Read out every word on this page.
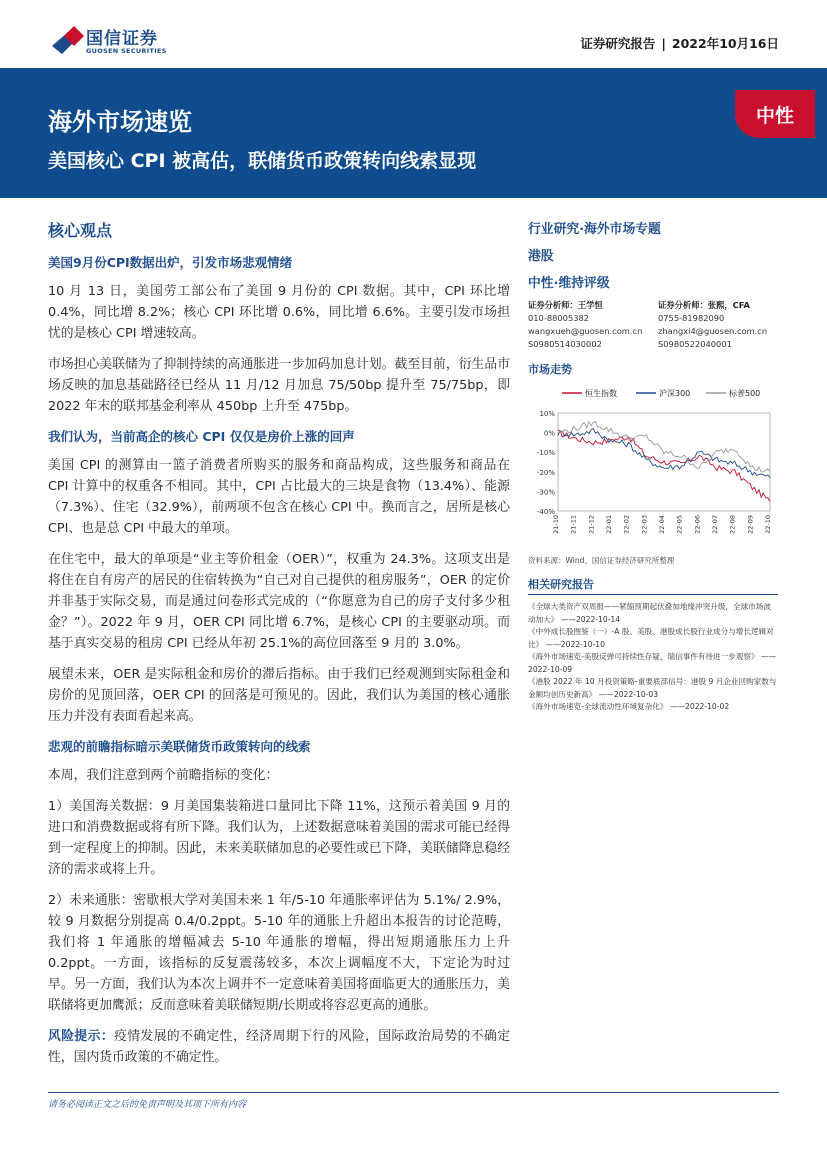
国信证券
GUOSEN SECURITIES	证券研究报告 | 2022年10月16日
海外市场速览
美国核心 CPI 被高估，联储货币政策转向线索显现
中性
核心观点
美国9月份CPI数据出炉，引发市场悲观情绪

10 月 13 日，美国劳工部公布了美国 9 月份的 CPI 数据。其中，CPI 环比增 0.4%，同比增 8.2%；核心 CPI 环比增 0.6%，同比增 6.6%。主要引发市场担忧的是核心 CPI 增速较高。

市场担心美联储为了抑制持续的高通胀进一步加码加息计划。截至目前，衍生品市场反映的加息基础路径已经从 11 月/12 月加息 75/50bp 提升至 75/75bp，即 2022 年末的联邦基金利率从 450bp 上升至 475bp。

我们认为，当前高企的核心 CPI 仅仅是房价上涨的回声

美国 CPI 的测算由一篮子消费者所购买的服务和商品构成，这些服务和商品在 CPI 计算中的权重各不相同。其中，CPI 占比最大的三块是食物（13.4%）、能源（7.3%）、住宅（32.9%），前两项不包含在核心 CPI 中。换而言之，居所是核心 CPI、也是总 CPI 中最大的单项。

在住宅中，最大的单项是“业主等价租金（OER）”，权重为 24.3%。这项支出是将住在自有房产的居民的住宿转换为“自己对自己提供的租房服务”，OER 的定价并非基于实际交易，而是通过问卷形式完成的（“你愿意为自己的房子支付多少租金？”）。2022 年 9 月，OER CPI 同比增 6.7%，是核心 CPI 的主要驱动项。而基于真实交易的租房 CPI 已经从年初 25.1%的高位回落至 9 月的 3.0%。

展望未来，OER 是实际租金和房价的滞后指标。由于我们已经观测到实际租金和房价的见顶回落，OER CPI 的回落是可预见的。因此，我们认为美国的核心通胀压力并没有表面看起来高。

悲观的前瞻指标暗示美联储货币政策转向的线索

本周，我们注意到两个前瞻指标的变化：

1）美国海关数据：9 月美国集装箱进口量同比下降 11%，这预示着美国 9 月的进口和消费数据或将有所下降。我们认为，上述数据意味着美国的需求可能已经得到一定程度上的抑制。因此，未来美联储加息的必要性或已下降，美联储降息稳经济的需求或将上升。

2）未来通胀：密歇根大学对美国未来 1 年/5-10 年通胀率评估为 5.1%/ 2.9%，较 9 月数据分别提高 0.4/0.2ppt。5-10 年的通胀上升超出本报告的讨论范畴，我们将 1 年通胀的增幅减去 5-10 年通胀的增幅，得出短期通胀压力上升 0.2ppt。一方面，该指标的反复震荡较多，本次上调幅度不大，下定论为时过早。另一方面，我们认为本次上调并不一定意味着美国将面临更大的通胀压力，美联储将更加鹰派；反而意味着美联储短期/长期或将容忍更高的通胀。

风险提示：疫情发展的不确定性，经济周期下行的风险，国际政治局势的不确定性，国内货币政策的不确定性。

行业研究·海外市场专题
港股
中性·维持评级
证券分析师：王学恒
010-88005382
wangxueh@guosen.com.cn
S0980514030002
证券分析师：张熙，CFA
0755-81982090
zhangxi4@guosen.com.cn
S0980522040001
市场走势
10%
0%
-10%
-20%
-30%
-40%
21-10 21-11 21-12 22-01 22-02 22-03 22-04 22-05 22-06 22-07 22-08 22-09 22-10
恒生指数	沪深300	标普500
资料来源：Wind、国信证券经济研究所整理
相关研究报告
《全球大类资产双周报——紧缩预期起伏叠加地缘冲突升级，全球市场波动加大》 ——2022-10-14
《中外成长股图鉴（一）-A 股、美股、港股成长股行业成分与增长逻辑对比》 ——2022-10-10
《海外市场速览-美股反弹可持续性存疑，瑞信事件有待进一步观察》 ——2022-10-09
《港股 2022 年 10 月投资策略-重要底部信号：港股 9 月企业回购家数与金额均创历史新高》 ——2022-10-03
《海外市场速览-全球流动性环境复杂化》 ——2022-10-02
请务必阅读正文之后的免责声明及其项下所有内容
